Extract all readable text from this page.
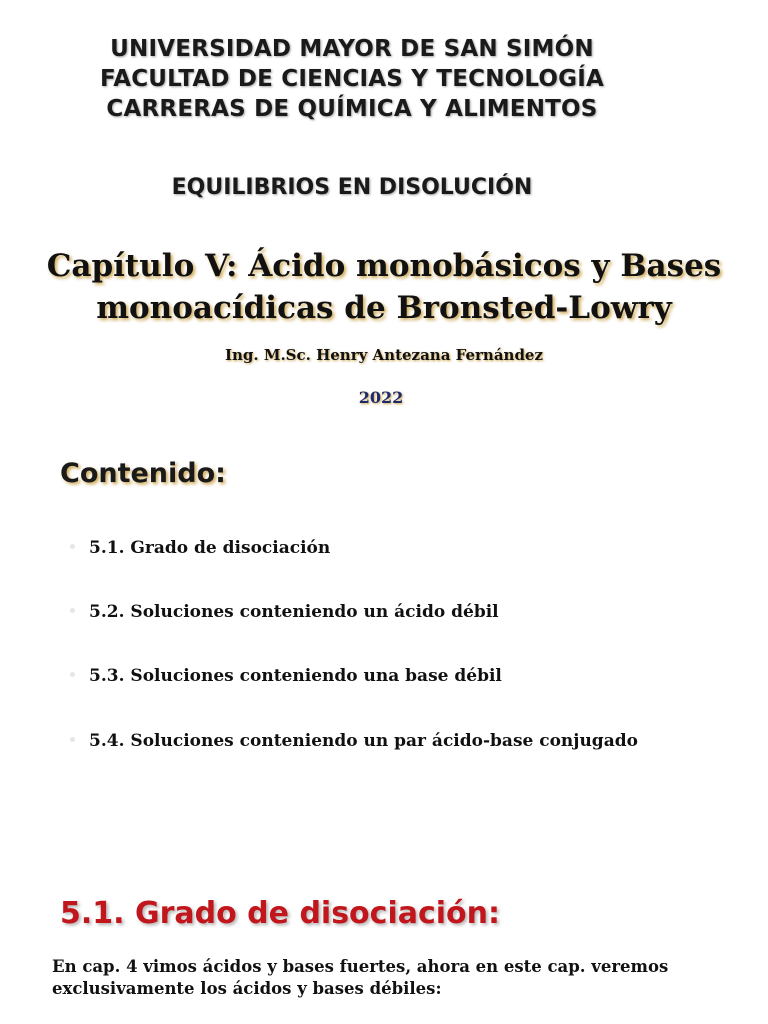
UNIVERSIDAD MAYOR DE SAN SIMÓN
FACULTAD DE CIENCIAS Y TECNOLOGÍA
CARRERAS DE QUÍMICA Y ALIMENTOS
EQUILIBRIOS EN DISOLUCIÓN
Capítulo V: Ácido monobásicos y Bases
monoacídicas de Bronsted-Lowry
Ing. M.Sc. Henry Antezana Fernández
2022
Contenido:
5.1. Grado de disociación
5.2. Soluciones conteniendo un ácido débil
5.3. Soluciones conteniendo una base débil
5.4. Soluciones conteniendo un par ácido-base conjugado
5.1. Grado de disociación:
En cap. 4 vimos ácidos y bases fuertes, ahora en este cap. veremos
exclusivamente los ácidos y bases débiles:
